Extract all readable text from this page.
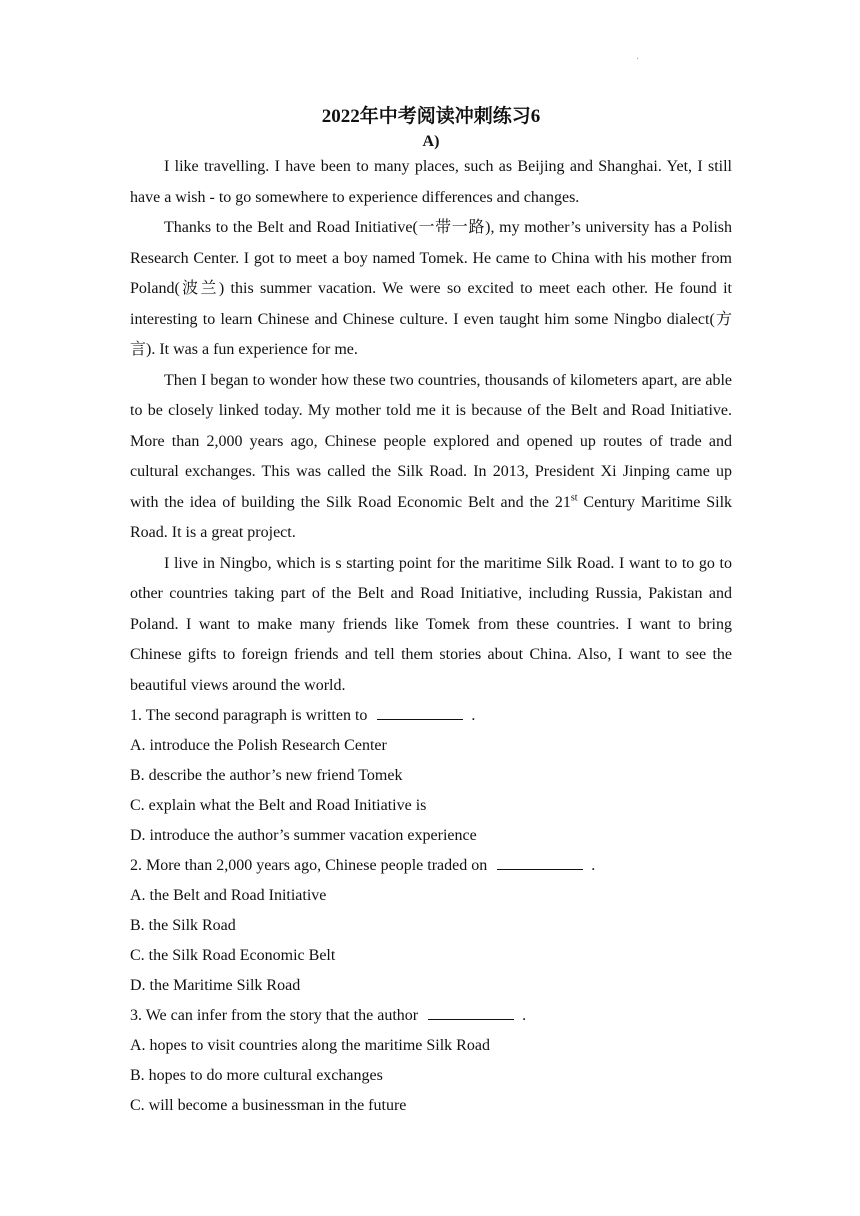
·
2022年中考阅读冲刺练习6
A)

I like travelling. I have been to many places, such as Beijing and Shanghai. Yet, I still have a wish - to go somewhere to experience differences and changes.

Thanks to the Belt and Road Initiative(一带一路), my mother’s university has a Polish Research Center. I got to meet a boy named Tomek. He came to China with his mother from Poland(波兰) this summer vacation. We were so excited to meet each other. He found it interesting to learn Chinese and Chinese culture. I even taught him some Ningbo dialect(方言). It was a fun experience for me.

Then I began to wonder how these two countries, thousands of kilometers apart, are able to be closely linked today. My mother told me it is because of the Belt and Road Initiative. More than 2,000 years ago, Chinese people explored and opened up routes of trade and cultural exchanges. This was called the Silk Road. In 2013, President Xi Jinping came up with the idea of building the Silk Road Economic Belt and the 21st Century Maritime Silk Road. It is a great project.

I live in Ningbo, which is s starting point for the maritime Silk Road. I want to to go to other countries taking part of the Belt and Road Initiative, including Russia, Pakistan and Poland. I want to make many friends like Tomek from these countries. I want to bring Chinese gifts to foreign friends and tell them stories about China. Also, I want to see the beautiful views around the world.

1. The second paragraph is written to	.

A. introduce the Polish Research Center

B. describe the author’s new friend Tomek

C. explain what the Belt and Road Initiative is

D. introduce the author’s summer vacation experience

2. More than 2,000 years ago, Chinese people traded on	.

A. the Belt and Road Initiative

B. the Silk Road

C. the Silk Road Economic Belt

D. the Maritime Silk Road

3. We can infer from the story that the author	.

A. hopes to visit countries along the maritime Silk Road

B. hopes to do more cultural exchanges

C. will become a businessman in the future
